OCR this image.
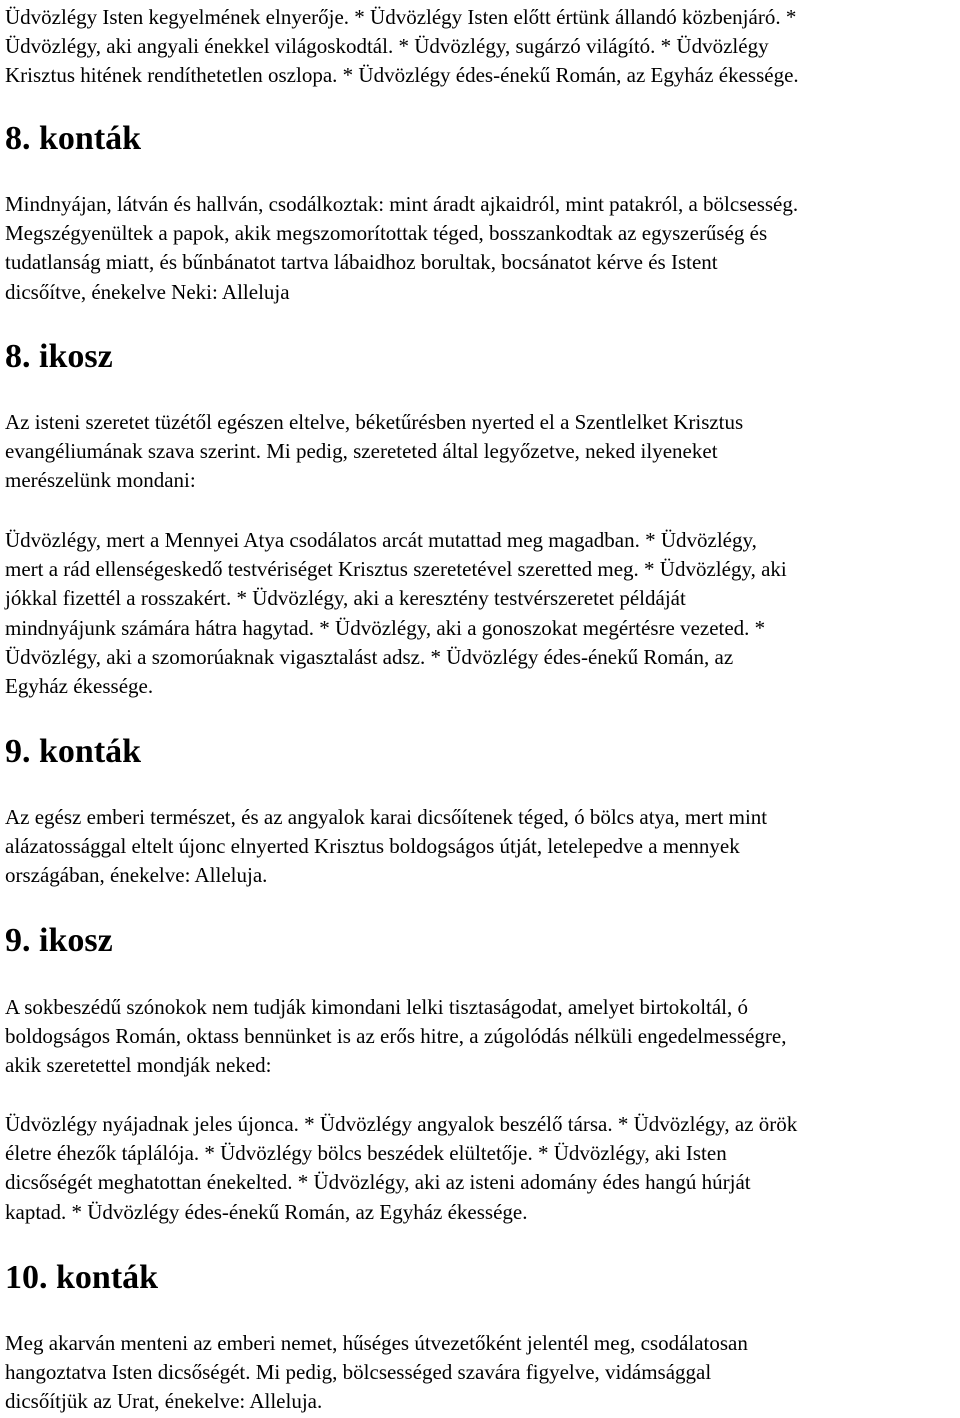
Üdvözlégy Isten kegyelmének elnyerője. * Üdvözlégy Isten előtt értünk állandó közbenjáró. *
Üdvözlégy, aki angyali énekkel világoskodtál. * Üdvözlégy, sugárzó világító. * Üdvözlégy
Krisztus hitének rendíthetetlen oszlopa. * Üdvözlégy édes-énekű Román, az Egyház ékessége.

8. konták

Mindnyájan, látván és hallván, csodálkoztak: mint áradt ajkaidról, mint patakról, a bölcsesség.
Megszégyenültek a papok, akik megszomorítottak téged, bosszankodtak az egyszerűség és
tudatlanság miatt, és bűnbánatot tartva lábaidhoz borultak, bocsánatot kérve és Istent
dicsőítve, énekelve Neki: Alleluja

8. ikosz

Az isteni szeretet tüzétől egészen eltelve, béketűrésben nyerted el a Szentlelket Krisztus
evangéliumának szava szerint. Mi pedig, szereteted által legyőzetve, neked ilyeneket
merészelünk mondani:

Üdvözlégy, mert a Mennyei Atya csodálatos arcát mutattad meg magadban. * Üdvözlégy,
mert a rád ellenségeskedő testvériséget Krisztus szeretetével szeretted meg. * Üdvözlégy, aki
jókkal fizettél a rosszakért. * Üdvözlégy, aki a keresztény testvérszeretet példáját
mindnyájunk számára hátra hagytad. * Üdvözlégy, aki a gonoszokat megértésre vezeted. *
Üdvözlégy, aki a szomorúaknak vigasztalást adsz. * Üdvözlégy édes-énekű Román, az
Egyház ékessége.

9. konták

Az egész emberi természet, és az angyalok karai dicsőítenek téged, ó bölcs atya, mert mint
alázatossággal eltelt újonc elnyerted Krisztus boldogságos útját, letelepedve a mennyek
országában, énekelve: Alleluja.

9. ikosz

A sokbeszédű szónokok nem tudják kimondani lelki tisztaságodat, amelyet birtokoltál, ó
boldogságos Román, oktass bennünket is az erős hitre, a zúgolódás nélküli engedelmességre,
akik szeretettel mondják neked:

Üdvözlégy nyájadnak jeles újonca. * Üdvözlégy angyalok beszélő társa. * Üdvözlégy, az örök
életre éhezők táplálója. * Üdvözlégy bölcs beszédek elültetője. * Üdvözlégy, aki Isten
dicsőségét meghatottan énekelted. * Üdvözlégy, aki az isteni adomány édes hangú húrját
kaptad. * Üdvözlégy édes-énekű Román, az Egyház ékessége.

10. konták

Meg akarván menteni az emberi nemet, hűséges útvezetőként jelentél meg, csodálatosan
hangoztatva Isten dicsőségét. Mi pedig, bölcsességed szavára figyelve, vidámsággal
dicsőítjük az Urat, énekelve: Alleluja.
